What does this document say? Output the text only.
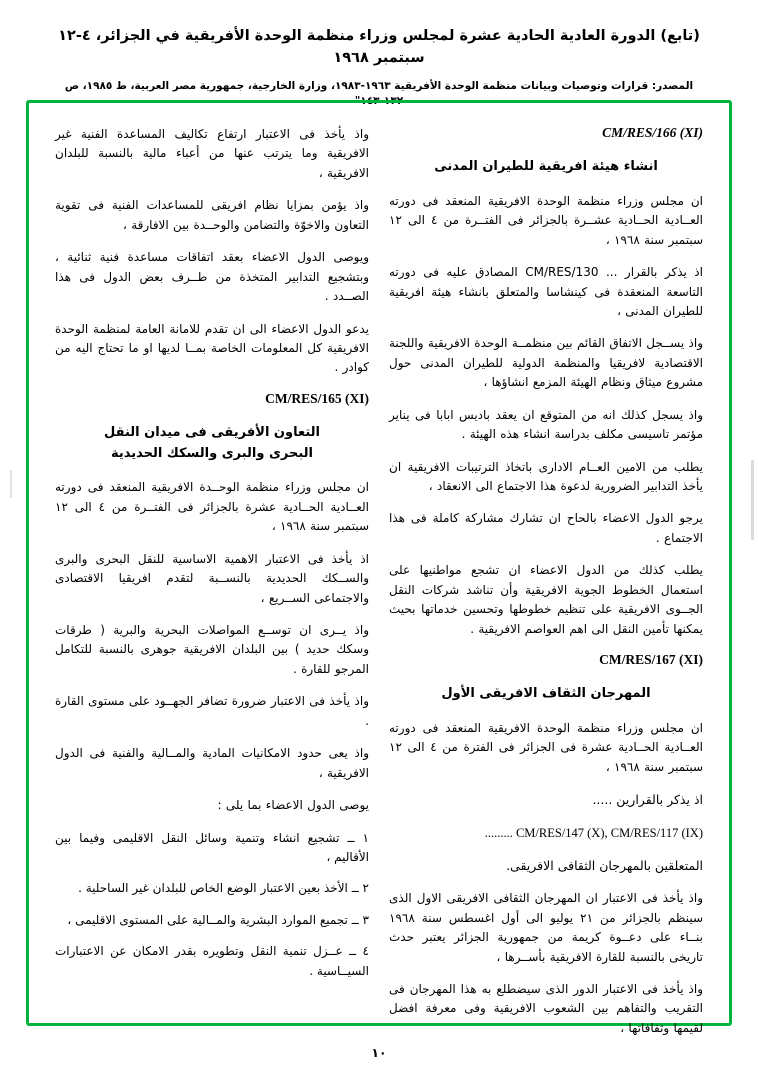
(تابع) الدورة العادية الحادية عشرة لمجلس وزراء منظمة الوحدة الأفريقية في الجزائر، ٤-١٢ سبتمبر ١٩٦٨
المصدر: ‏قرارات وتوصيات وبيانات منظمة الوحدة الأفريقية ١٩٦٣-١٩٨٣، وزارة الخارجية، جمهورية مصر العربية، ط ١٩٨٥، ص ١٣٢-١٤٣"
CM/RES/166 (XI)
انشاء هيئة افريقية للطيران المدنى

ان مجلس وزراء منظمة الوحدة الافريقية المنعقد فى دورته العــادية الحــادية عشــرة بالجزائر فى الفتــرة من ٤ الى ١٢ سبتمبر سنة ١٩٦٨ ،

اذ يذكر بالقرار ... CM/RES/130 المصادق عليه فى دورته التاسعة المنعقدة فى كينشاسا والمتعلق بانشاء هيئة افريقية للطيران المدنى ،

واذ يســجل الاتفاق القائم بين منظمــة الوحدة الافريقية واللجنة الاقتصادية لافريقيا والمنظمة الدولية للطيران المدنى حول مشروع ميثاق ونظام الهيئة المزمع انشاؤها ،

واذ يسجل كذلك انه من المتوقع ان يعقد باديس ابابا فى يناير مؤتمر تاسيسى مكلف بدراسة انشاء هذه الهيئة .

يطلب من الامين العــام الادارى باتخاذ الترتيبات الافريقية ان يأخذ التدابير الضرورية لدعوة هذا الاجتماع الى الانعقاد ،

يرجو الدول الاعضاء بالحاح ان تشارك مشاركة كاملة فى هذا الاجتماع .

يطلب كذلك من الدول الاعضاء ان تشجع مواطنيها على استعمال الخطوط الجوية الافريقية وأن تناشد شركات النقل الجــوى الافريقية على تنظيم خطوطها وتحسين خدماتها بحيث يمكنها تأمين النقل الى اهم العواصم الافريقية .

CM/RES/167 (XI)
المهرجان الثقاف الافريقى الأول

ان مجلس وزراء منظمة الوحدة الافريقية المنعقد فى دورته العــادية الحــادية عشرة فى الجزائر فى الفترة من ٤ الى ١٢ سبتمبر سنة ١٩٦٨ ،

اذ يذكر بالقرارين .....

CM/RES/147 (X), CM/RES/117 (IX) .........

المتعلقين بالمهرجان الثقافى الافريقى.

واذ يأخذ فى الاعتبار ان المهرجان الثقافى الافريقى الاول الذى سينظم بالجزائر من ٢١ يوليو الى أول اغسطس سنة ١٩٦٨ بنــاء على دعــوة كريمة من جمهورية الجزائر يعتبر حدث تاريخى بالنسبة للقارة الافريقية بأســرها ،

واذ يأخذ فى الاعتبار الدور الذى سيضطلع به هذا المهرجان فى التقريب والتفاهم بين الشعوب الافريقية وفى معرفة افضل لقيمها وثقافاتها ،

واذ يأخذ فى الاعتبار ارتفاع تكاليف المساعدة الفنية غير الافريقية وما يترتب عنها من أعباء مالية بالنسبة للبلدان الافريقية ،

واذ يؤمن بمزايا نظام افريقى للمساعدات الفنية فى تقوية التعاون والاخوّة والتضامن والوحــدة بين الافارقة ،

ويوصى الدول الاعضاء بعقد اتفاقات مساعدة فنية ثنائية ، وبتشجيع التدابير المتخذة من طــرف بعض الدول فى هذا الصــدد .

يدعو الدول الاعضاء الى ان تقدم للامانة العامة لمنظمة الوحدة الافريقية كل المعلومات الخاصة بمــا لديها او ما تحتاج اليه من كوادر .

CM/RES/165 (XI)
التعاون الأفريقى فى ميدان النقل
البحرى والبرى والسكك الحديدية

ان مجلس وزراء منظمة الوحــدة الافريقية المنعقد فى دورته العــادية الحــادية عشرة بالجزائر فى الفتــرة من ٤ الى ١٢ سبتمبر سنة ١٩٦٨ ،

اذ يأخذ فى الاعتبار الاهمية الاساسية للنقل البحرى والبرى والســكك الحديدية بالنســبة لتقدم افريقيا الاقتصادى والاجتماعى الســريع ،

واذ يــرى ان توســع المواصلات البحرية والبرية ( طرقات وسكك حديد ) بين البلدان الافريقية جوهرى بالنسبة للتكامل المرجو للقارة .

واذ يأخذ فى الاعتبار ضرورة تضافر الجهــود على مستوى القارة .

واذ يعى حدود الامكانيات المادية والمــالية والفنية فى الدول الافريقية ،

يوصى الدول الاعضاء بما يلى :

١ ــ تشجيع انشاء وتنمية وسائل النقل الاقليمى وفيما بين الأقاليم ،
٢ ــ الأخذ بعين الاعتبار الوضع الخاص للبلدان غير الساحلية .
٣ ــ تجميع الموارد البشرية والمــالية على المستوى الاقليمى ،
٤ ــ عــزل تنمية النقل وتطويره بقدر الامكان عن الاعتبارات السيــاسية .
١٠
